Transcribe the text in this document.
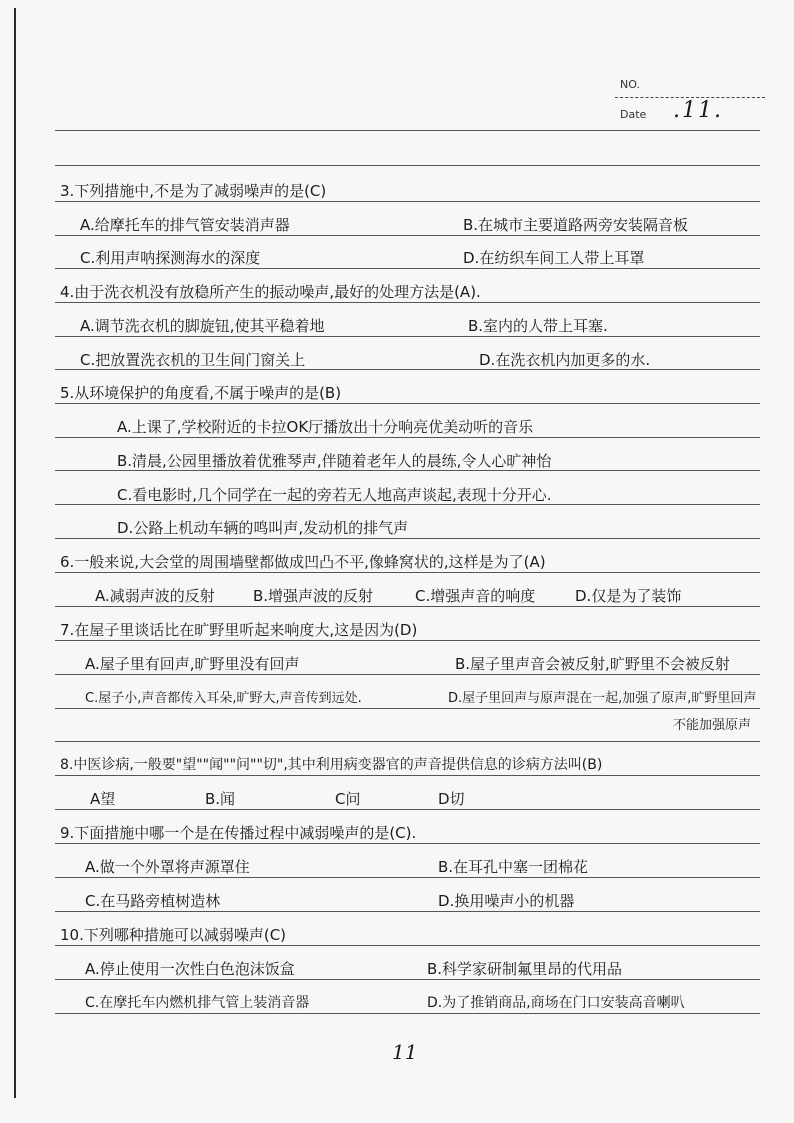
NO.
Date .11.
3.下列措施中,不是为了减弱噪声的是(C)
A.给摩托车的排气管安装消声器	B.在城市主要道路两旁安装隔音板
C.利用声呐探测海水的深度	D.在纺织车间工人带上耳罩
4.由于洗衣机没有放稳所产生的振动噪声,最好的处理方法是(A).
A.调节洗衣机的脚旋钮,使其平稳着地	B.室内的人带上耳塞.
C.把放置洗衣机的卫生间门窗关上	D.在洗衣机内加更多的水.
5.从环境保护的角度看,不属于噪声的是(B)
A.上课了,学校附近的卡拉OK厅播放出十分响亮优美动听的音乐
B.清晨,公园里播放着优雅琴声,伴随着老年人的晨练,令人心旷神怡
C.看电影时,几个同学在一起的旁若无人地高声谈起,表现十分开心.
D.公路上机动车辆的鸣叫声,发动机的排气声
6.一般来说,大会堂的周围墙壁都做成凹凸不平,像蜂窝状的,这样是为了(A)
A.减弱声波的反射	B.增强声波的反射	C.增强声音的响度	D.仅是为了装饰
7.在屋子里谈话比在旷野里听起来响度大,这是因为(D)
A.屋子里有回声,旷野里没有回声	B.屋子里声音会被反射,旷野里不会被反射
C.屋子小,声音都传入耳朵,旷野大,声音传到远处.	D.屋子里回声与原声混在一起,加强了原声,旷野里回声
不能加强原声
8.中医诊病,一般要"望""闻""问""切",其中利用病变器官的声音提供信息的诊病方法叫(B)
A望	B.闻	C问	D切
9.下面措施中哪一个是在传播过程中减弱噪声的是(C).
A.做一个外罩将声源罩住	B.在耳孔中塞一团棉花
C.在马路旁植树造林	D.换用噪声小的机器
10.下列哪种措施可以减弱噪声(C)
A.停止使用一次性白色泡沫饭盒	B.科学家研制氟里昂的代用品
C.在摩托车内燃机排气管上装消音器	D.为了推销商品,商场在门口安装高音喇叭
11
